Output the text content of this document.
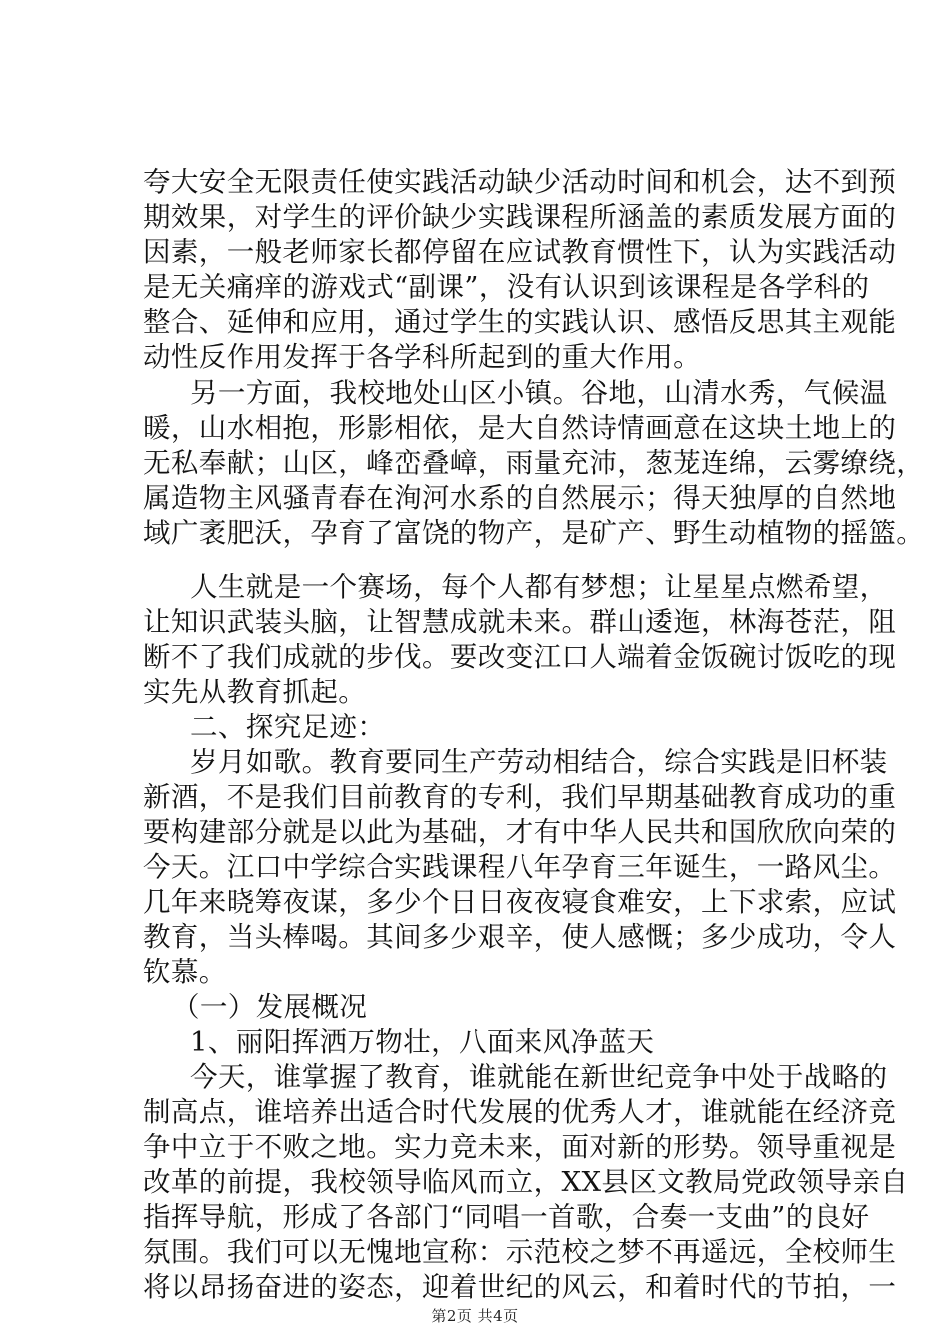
夸大安全无限责任使实践活动缺少活动时间和机会，达不到预
期效果，对学生的评价缺少实践课程所涵盖的素质发展方面的
因素，一般老师家长都停留在应试教育惯性下，认为实践活动
是无关痛痒的游戏式“副课”，没有认识到该课程是各学科的
整合、延伸和应用，通过学生的实践认识、感悟反思其主观能
动性反作用发挥于各学科所起到的重大作用。
另一方面，我校地处山区小镇。谷地，山清水秀，气候温
暖，山水相抱，形影相依，是大自然诗情画意在这块土地上的
无私奉献；山区，峰峦叠嶂，雨量充沛，葱茏连绵，云雾缭绕，
属造物主风骚青春在洵河水系的自然展示；得天独厚的自然地
域广袤肥沃，孕育了富饶的物产，是矿产、野生动植物的摇篮。
人生就是一个赛场，每个人都有梦想；让星星点燃希望，
让知识武装头脑，让智慧成就未来。群山逶迤，林海苍茫，阻
断不了我们成就的步伐。要改变江口人端着金饭碗讨饭吃的现
实先从教育抓起。
二、探究足迹：
岁月如歌。教育要同生产劳动相结合，综合实践是旧杯装
新酒，不是我们目前教育的专利，我们早期基础教育成功的重
要构建部分就是以此为基础，才有中华人民共和国欣欣向荣的
今天。江口中学综合实践课程八年孕育三年诞生，一路风尘。
几年来晓筹夜谋，多少个日日夜夜寝食难安，上下求索，应试
教育，当头棒喝。其间多少艰辛，使人感慨；多少成功，令人
钦慕。
（一）发展概况
1、丽阳挥洒万物壮，八面来风净蓝天
今天，谁掌握了教育，谁就能在新世纪竞争中处于战略的
制高点，谁培养出适合时代发展的优秀人才，谁就能在经济竞
争中立于不败之地。实力竞未来，面对新的形势。领导重视是
改革的前提，我校领导临风而立，XX县区文教局党政领导亲自
指挥导航，形成了各部门“同唱一首歌，合奏一支曲”的良好
氛围。我们可以无愧地宣称：示范校之梦不再遥远，全校师生
将以昂扬奋进的姿态，迎着世纪的风云，和着时代的节拍，一
第2页 共4页
